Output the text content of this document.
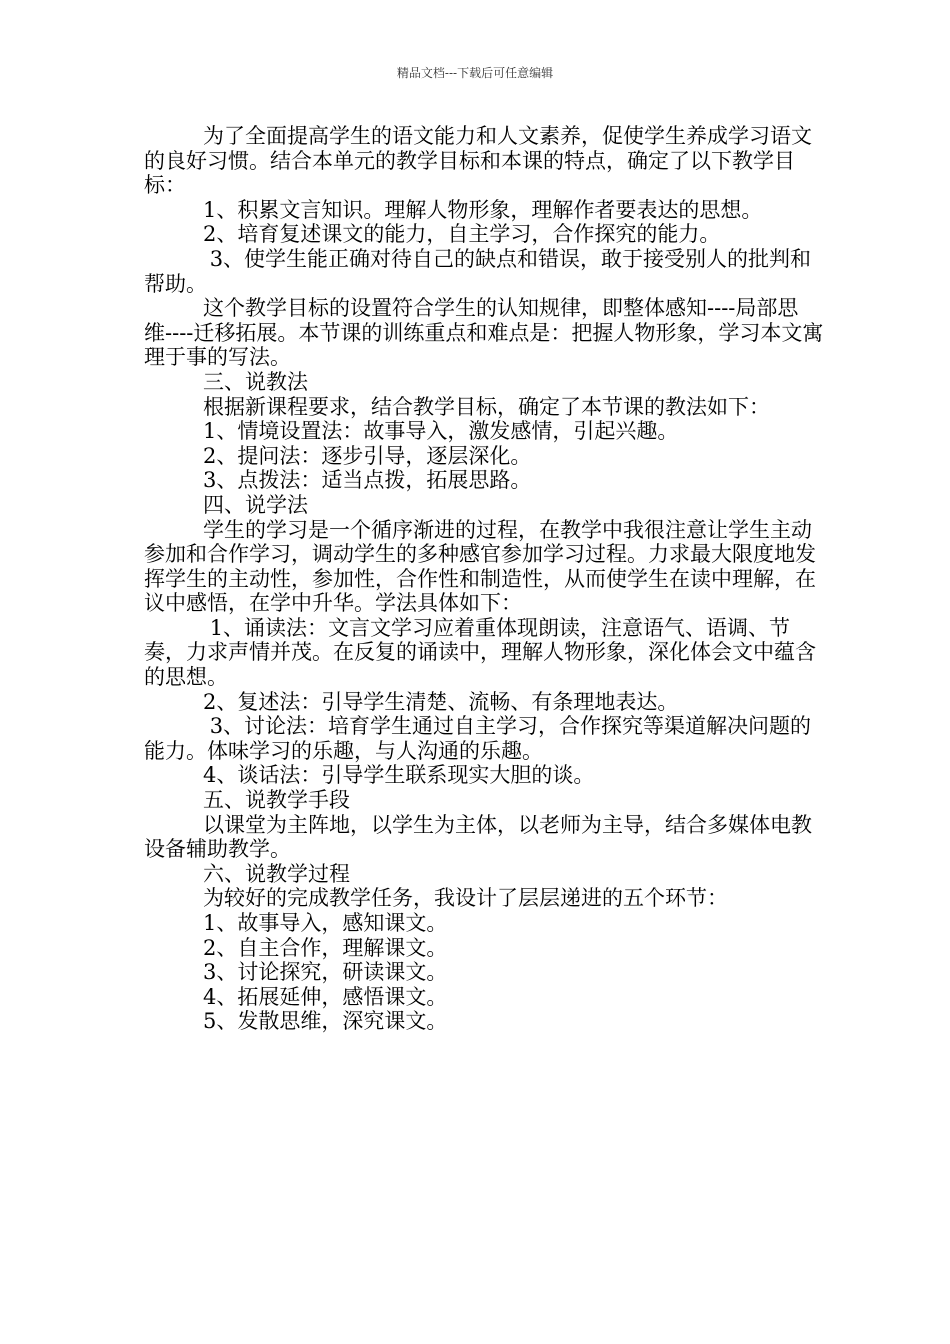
精品文档---下载后可任意编辑

为了全面提高学生的语文能力和人文素养，促使学生养成学习语文的良好习惯。结合本单元的教学目标和本课的特点，确定了以下教学目标：

1、积累文言知识。理解人物形象，理解作者要表达的思想。

2、培育复述课文的能力，自主学习，合作探究的能力。

3、使学生能正确对待自己的缺点和错误，敢于接受别人的批判和帮助。

这个教学目标的设置符合学生的认知规律，即整体感知----局部思维----迁移拓展。本节课的训练重点和难点是：把握人物形象，学习本文寓理于事的写法。

三、说教法

根据新课程要求，结合教学目标，确定了本节课的教法如下：

1、情境设置法：故事导入，激发感情，引起兴趣。

2、提问法：逐步引导，逐层深化。

3、点拨法：适当点拨，拓展思路。

四、说学法

学生的学习是一个循序渐进的过程，在教学中我很注意让学生主动参加和合作学习，调动学生的多种感官参加学习过程。力求最大限度地发挥学生的主动性，参加性，合作性和制造性，从而使学生在读中理解，在议中感悟，在学中升华。学法具体如下：

1、诵读法：文言文学习应着重体现朗读，注意语气、语调、节奏，力求声情并茂。在反复的诵读中，理解人物形象，深化体会文中蕴含的思想。

2、复述法：引导学生清楚、流畅、有条理地表达。

3、讨论法：培育学生通过自主学习，合作探究等渠道解决问题的能力。体味学习的乐趣，与人沟通的乐趣。

4、谈话法：引导学生联系现实大胆的谈。

五、说教学手段

以课堂为主阵地，以学生为主体，以老师为主导，结合多媒体电教设备辅助教学。

六、说教学过程

为较好的完成教学任务，我设计了层层递进的五个环节：

1、故事导入，感知课文。

2、自主合作，理解课文。

3、讨论探究，研读课文。

4、拓展延伸，感悟课文。

5、发散思维，深究课文。
